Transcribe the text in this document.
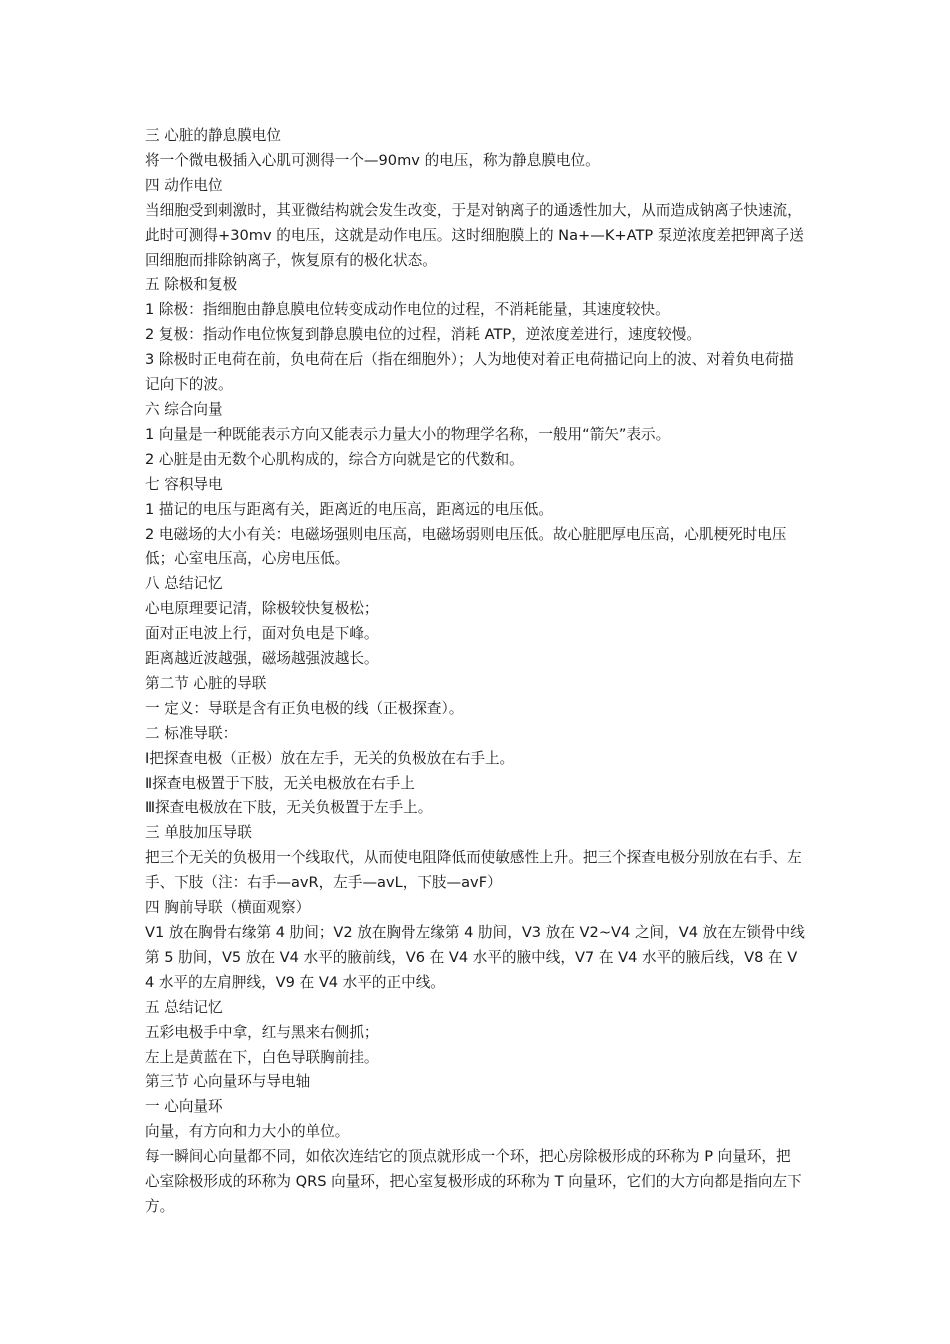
三 心脏的静息膜电位

将一个微电极插入心肌可测得一个—90mv 的电压，称为静息膜电位。

四 动作电位

当细胞受到刺激时，其亚微结构就会发生改变，于是对钠离子的通透性加大，从而造成钠离子快速流，此时可测得+30mv 的电压，这就是动作电压。这时细胞膜上的 Na+—K+ATP 泵逆浓度差把钾离子送回细胞而排除钠离子，恢复原有的极化状态。

五 除极和复极

1 除极：指细胞由静息膜电位转变成动作电位的过程，不消耗能量，其速度较快。

2 复极：指动作电位恢复到静息膜电位的过程，消耗 ATP，逆浓度差进行，速度较慢。

3 除极时正电荷在前，负电荷在后（指在细胞外）；人为地使对着正电荷描记向上的波、对着负电荷描记向下的波。

六 综合向量

1 向量是一种既能表示方向又能表示力量大小的物理学名称，一般用“箭矢”表示。

2 心脏是由无数个心肌构成的，综合方向就是它的代数和。

七 容积导电

1 描记的电压与距离有关，距离近的电压高，距离远的电压低。

2 电磁场的大小有关：电磁场强则电压高，电磁场弱则电压低。故心脏肥厚电压高，心肌梗死时电压低；心室电压高，心房电压低。

八 总结记忆

心电原理要记清，除极较快复极松；

面对正电波上行，面对负电是下峰。

距离越近波越强，磁场越强波越长。

第二节 心脏的导联

一 定义：导联是含有正负电极的线（正极探查）。

二 标准导联：

Ⅰ把探查电极（正极）放在左手，无关的负极放在右手上。

Ⅱ探查电极置于下肢，无关电极放在右手上

Ⅲ探查电极放在下肢，无关负极置于左手上。

三 单肢加压导联

把三个无关的负极用一个线取代，从而使电阻降低而使敏感性上升。把三个探查电极分别放在右手、左手、下肢（注：右手—avR，左手—avL，下肢—avF）

四 胸前导联（横面观察）

V1 放在胸骨右缘第 4 肋间；V2 放在胸骨左缘第 4 肋间，V3 放在 V2~V4 之间，V4 放在左锁骨中线第 5 肋间，V5 放在 V4 水平的腋前线，V6 在 V4 水平的腋中线，V7 在 V4 水平的腋后线，V8 在 V4 水平的左肩胛线，V9 在 V4 水平的正中线。

五 总结记忆

五彩电极手中拿，红与黑来右侧抓；

左上是黄蓝在下，白色导联胸前挂。

第三节 心向量环与导电轴

一 心向量环

向量，有方向和力大小的单位。

每一瞬间心向量都不同，如依次连结它的顶点就形成一个环，把心房除极形成的环称为 P 向量环，把心室除极形成的环称为 QRS 向量环，把心室复极形成的环称为 T 向量环，它们的大方向都是指向左下方。
